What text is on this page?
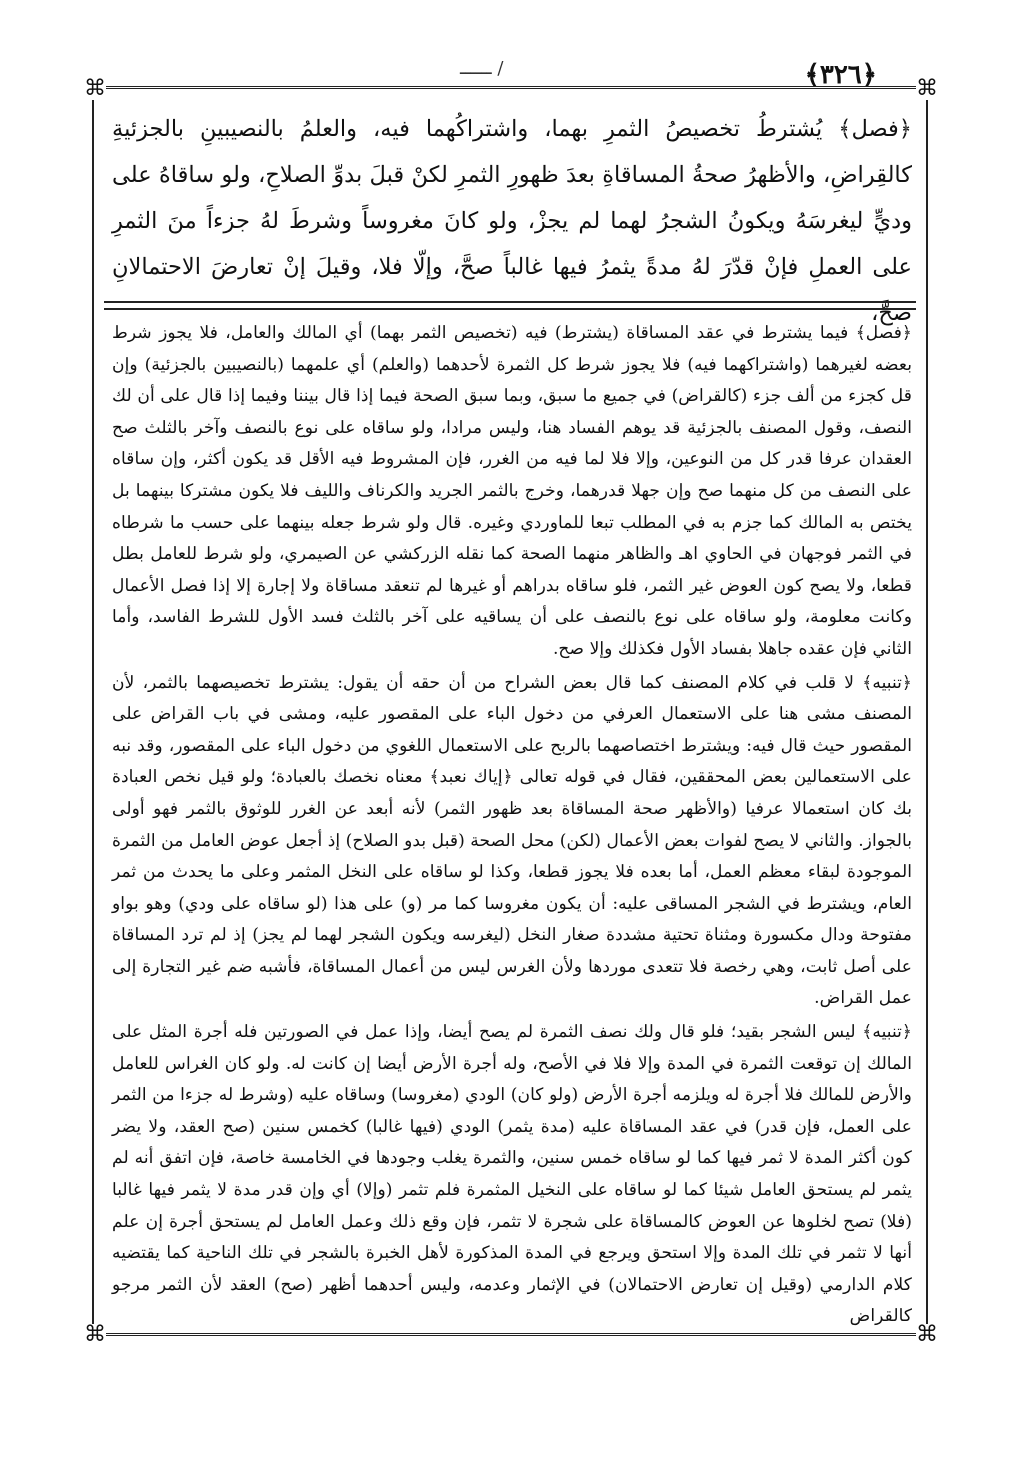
﴿٣٢٦﴾
ــــــ /
⌘	⌘
⌘	⌘

﴿فصل﴾ يُشترطُ تخصيصُ الثمرِ بهما، واشتراكُهما فيه، والعلمُ بالنصيبينِ بالجزئيةِ كالقِراضِ، والأظهرُ صحةُ المساقاةِ بعدَ ظهورِ الثمرِ لكنْ قبلَ بدوِّ الصلاحِ، ولو ساقاهُ على وديٍّ ليغرسَهُ ويكونُ الشجرُ لهما لم يجزْ، ولو كانَ مغروساً وشرطَ لهُ جزءاً منَ الثمرِ على العملِ فإنْ قدّرَ لهُ مدةً يثمرُ فيها غالباً صحَّ، وإلّا فلا، وقيلَ إنْ تعارضَ الاحتمالانِ صحَّ،

﴿فصل﴾ فيما يشترط في عقد المساقاة (يشترط) فيه (تخصيص الثمر بهما) أي المالك والعامل، فلا يجوز شرط بعضه لغيرهما (واشتراكهما فيه) فلا يجوز شرط كل الثمرة لأحدهما (والعلم) أي علمهما (بالنصيبين بالجزئية) وإن قل كجزء من ألف جزء (كالقراض) في جميع ما سبق، وبما سبق الصحة فيما إذا قال بيننا وفيما إذا قال على أن لك النصف، وقول المصنف بالجزئية قد يوهم الفساد هنا، وليس مرادا، ولو ساقاه على نوع بالنصف وآخر بالثلث صح العقدان عرفا قدر كل من النوعين، وإلا فلا لما فيه من الغرر، فإن المشروط فيه الأقل قد يكون أكثر، وإن ساقاه على النصف من كل منهما صح وإن جهلا قدرهما، وخرج بالثمر الجريد والكرناف والليف فلا يكون مشتركا بينهما بل يختص به المالك كما جزم به في المطلب تبعا للماوردي وغيره. قال ولو شرط جعله بينهما على حسب ما شرطاه في الثمر فوجهان في الحاوي اهـ والظاهر منهما الصحة كما نقله الزركشي عن الصيمري، ولو شرط للعامل بطل قطعا، ولا يصح كون العوض غير الثمر، فلو ساقاه بدراهم أو غيرها لم تنعقد مساقاة ولا إجارة إلا إذا فصل الأعمال وكانت معلومة، ولو ساقاه على نوع بالنصف على أن يساقيه على آخر بالثلث فسد الأول للشرط الفاسد، وأما الثاني فإن عقده جاهلا بفساد الأول فكذلك وإلا صح.

﴿تنبيه﴾ لا قلب في كلام المصنف كما قال بعض الشراح من أن حقه أن يقول: يشترط تخصيصهما بالثمر، لأن المصنف مشى هنا على الاستعمال العرفي من دخول الباء على المقصور عليه، ومشى في باب القراض على المقصور حيث قال فيه: ويشترط اختصاصهما بالربح على الاستعمال اللغوي من دخول الباء على المقصور، وقد نبه على الاستعمالين بعض المحققين، فقال في قوله تعالى ﴿إياك نعبد﴾ معناه نخصك بالعبادة؛ ولو قيل نخص العبادة بك كان استعمالا عرفيا (والأظهر صحة المساقاة بعد ظهور الثمر) لأنه أبعد عن الغرر للوثوق بالثمر فهو أولى بالجواز. والثاني لا يصح لفوات بعض الأعمال (لكن) محل الصحة (قبل بدو الصلاح) إذ أجعل عوض العامل من الثمرة الموجودة لبقاء معظم العمل، أما بعده فلا يجوز قطعا، وكذا لو ساقاه على النخل المثمر وعلى ما يحدث من ثمر العام، ويشترط في الشجر المساقى عليه: أن يكون مغروسا كما مر (و) على هذا (لو ساقاه على ودي) وهو بواو مفتوحة ودال مكسورة ومثناة تحتية مشددة صغار النخل (ليغرسه ويكون الشجر لهما لم يجز) إذ لم ترد المساقاة على أصل ثابت، وهي رخصة فلا تتعدى موردها ولأن الغرس ليس من أعمال المساقاة، فأشبه ضم غير التجارة إلى عمل القراض.

﴿تنبيه﴾ ليس الشجر بقيد؛ فلو قال ولك نصف الثمرة لم يصح أيضا، وإذا عمل في الصورتين فله أجرة المثل على المالك إن توقعت الثمرة في المدة وإلا فلا في الأصح، وله أجرة الأرض أيضا إن كانت له. ولو كان الغراس للعامل والأرض للمالك فلا أجرة له ويلزمه أجرة الأرض (ولو كان) الودي (مغروسا) وساقاه عليه (وشرط له جزءا من الثمر على العمل، فإن قدر) في عقد المساقاة عليه (مدة يثمر) الودي (فيها غالبا) كخمس سنين (صح العقد، ولا يضر كون أكثر المدة لا ثمر فيها كما لو ساقاه خمس سنين، والثمرة يغلب وجودها في الخامسة خاصة، فإن اتفق أنه لم يثمر لم يستحق العامل شيئا كما لو ساقاه على النخيل المثمرة فلم تثمر (وإلا) أي وإن قدر مدة لا يثمر فيها غالبا (فلا) تصح لخلوها عن العوض كالمساقاة على شجرة لا تثمر، فإن وقع ذلك وعمل العامل لم يستحق أجرة إن علم أنها لا تثمر في تلك المدة وإلا استحق ويرجع في المدة المذكورة لأهل الخبرة بالشجر في تلك الناحية كما يقتضيه كلام الدارمي (وقيل إن تعارض الاحتمالان) في الإثمار وعدمه، وليس أحدهما أظهر (صح) العقد لأن الثمر مرجو كالقراض
